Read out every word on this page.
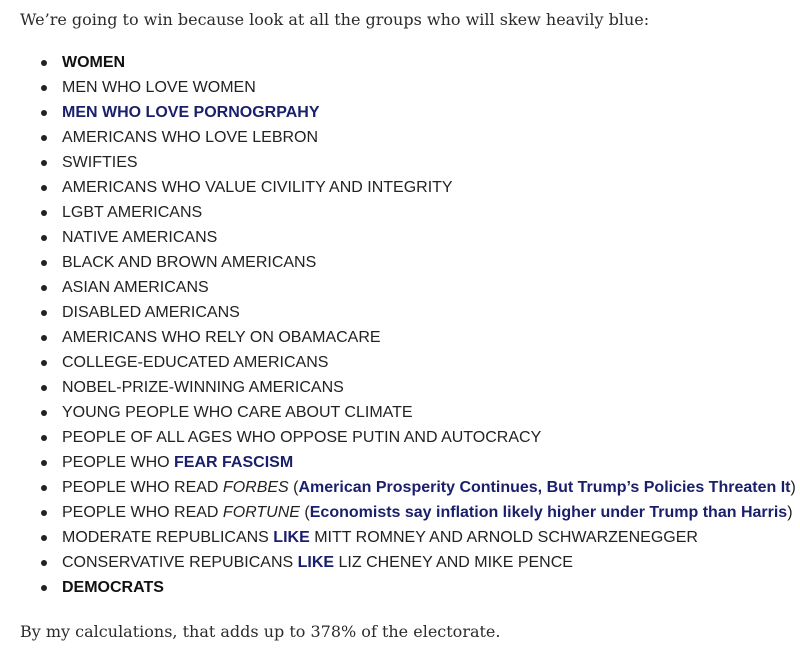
We’re going to win because look at all the groups who will skew heavily blue:

WOMEN
MEN WHO LOVE WOMEN
MEN WHO LOVE PORNOGRPAHY
AMERICANS WHO LOVE LEBRON
SWIFTIES
AMERICANS WHO VALUE CIVILITY AND INTEGRITY
LGBT AMERICANS
NATIVE AMERICANS
BLACK AND BROWN AMERICANS
ASIAN AMERICANS
DISABLED AMERICANS
AMERICANS WHO RELY ON OBAMACARE
COLLEGE-EDUCATED AMERICANS
NOBEL-PRIZE-WINNING AMERICANS
YOUNG PEOPLE WHO CARE ABOUT CLIMATE
PEOPLE OF ALL AGES WHO OPPOSE PUTIN AND AUTOCRACY
PEOPLE WHO FEAR FASCISM
PEOPLE WHO READ FORBES (American Prosperity Continues, But Trump’s Policies Threaten It)
PEOPLE WHO READ FORTUNE (Economists say inflation likely higher under Trump than Harris)
MODERATE REPUBLICANS LIKE MITT ROMNEY AND ARNOLD SCHWARZENEGGER
CONSERVATIVE REPUBICANS LIKE LIZ CHENEY AND MIKE PENCE
DEMOCRATS

By my calculations, that adds up to 378% of the electorate.
